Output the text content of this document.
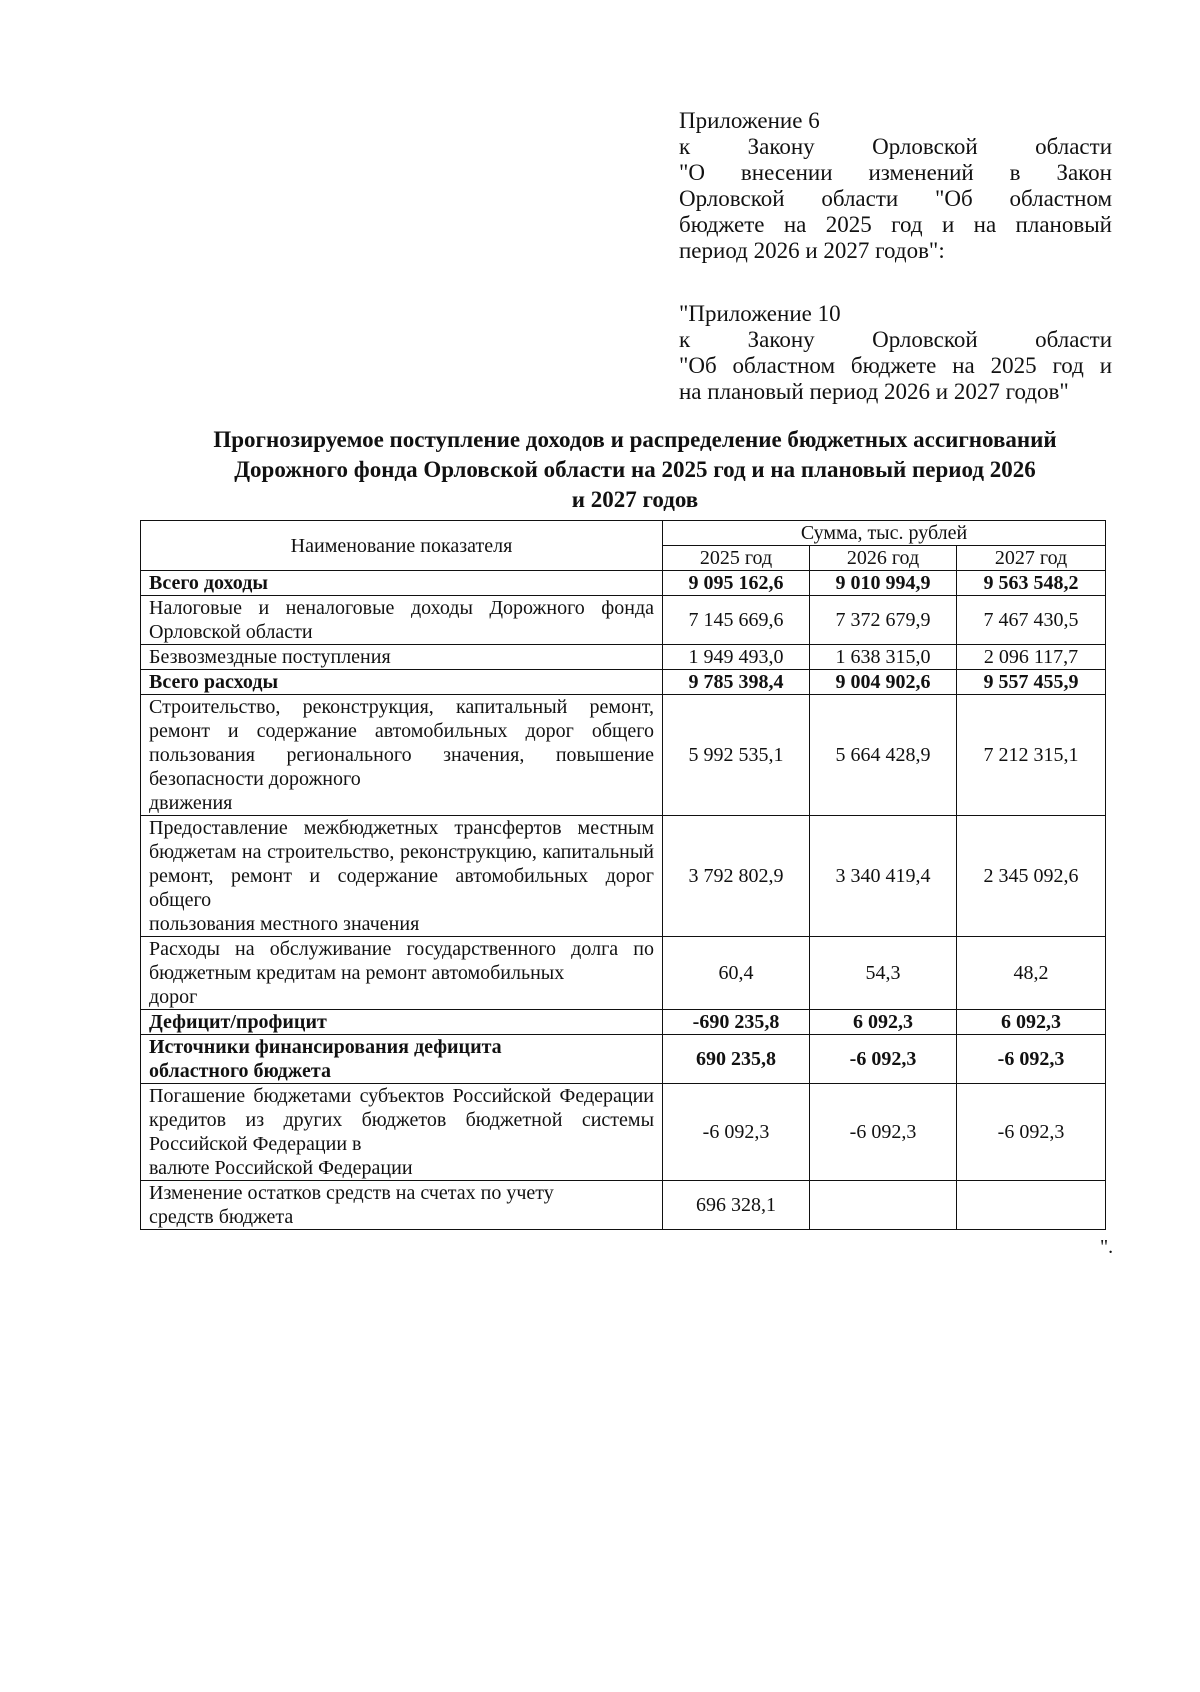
Приложение 6
к Закону Орловской области
"О внесении изменений в Закон
Орловской области "Об областном
бюджете на 2025 год и на плановый
период 2026 и 2027 годов":
"Приложение 10
к Закону Орловской области
"Об областном бюджете на 2025 год и
на плановый период 2026 и 2027 годов"
Прогнозируемое поступление доходов и распределение бюджетных ассигнований
Дорожного фонда Орловской области на 2025 год и на плановый период 2026
и 2027 годов
Наименование показателя	Сумма, тыс. рублей		
	2025 год	2026 год	2027 год
Всего доходы	9 095 162,6	9 010 994,9	9 563 548,2
Налоговые и неналоговые доходы Дорожного фонда Орловской области	7 145 669,6	7 372 679,9	7 467 430,5
Безвозмездные поступления	1 949 493,0	1 638 315,0	2 096 117,7
Всего расходы	9 785 398,4	9 004 902,6	9 557 455,9
Строительство, реконструкция, капитальный ремонт, ремонт и содержание автомобильных дорог общего пользования регионального значения, повышение безопасности дорожного
движения	5 992 535,1	5 664 428,9	7 212 315,1
Предоставление межбюджетных трансфертов местным бюджетам на строительство, реконструкцию, капитальный ремонт, ремонт и содержание автомобильных дорог общего
пользования местного значения	3 792 802,9	3 340 419,4	2 345 092,6
Расходы на обслуживание государственного долга по бюджетным кредитам на ремонт автомобильных
дорог	60,4	54,3	48,2
Дефицит/профицит	-690 235,8	6 092,3	6 092,3
Источники финансирования дефицита
областного бюджета	690 235,8	-6 092,3	-6 092,3
Погашение бюджетами субъектов Российской Федерации кредитов из других бюджетов бюджетной системы Российской Федерации в
валюте Российской Федерации	-6 092,3	-6 092,3	-6 092,3
Изменение остатков средств на счетах по учету
средств бюджета	696 328,1		
".
